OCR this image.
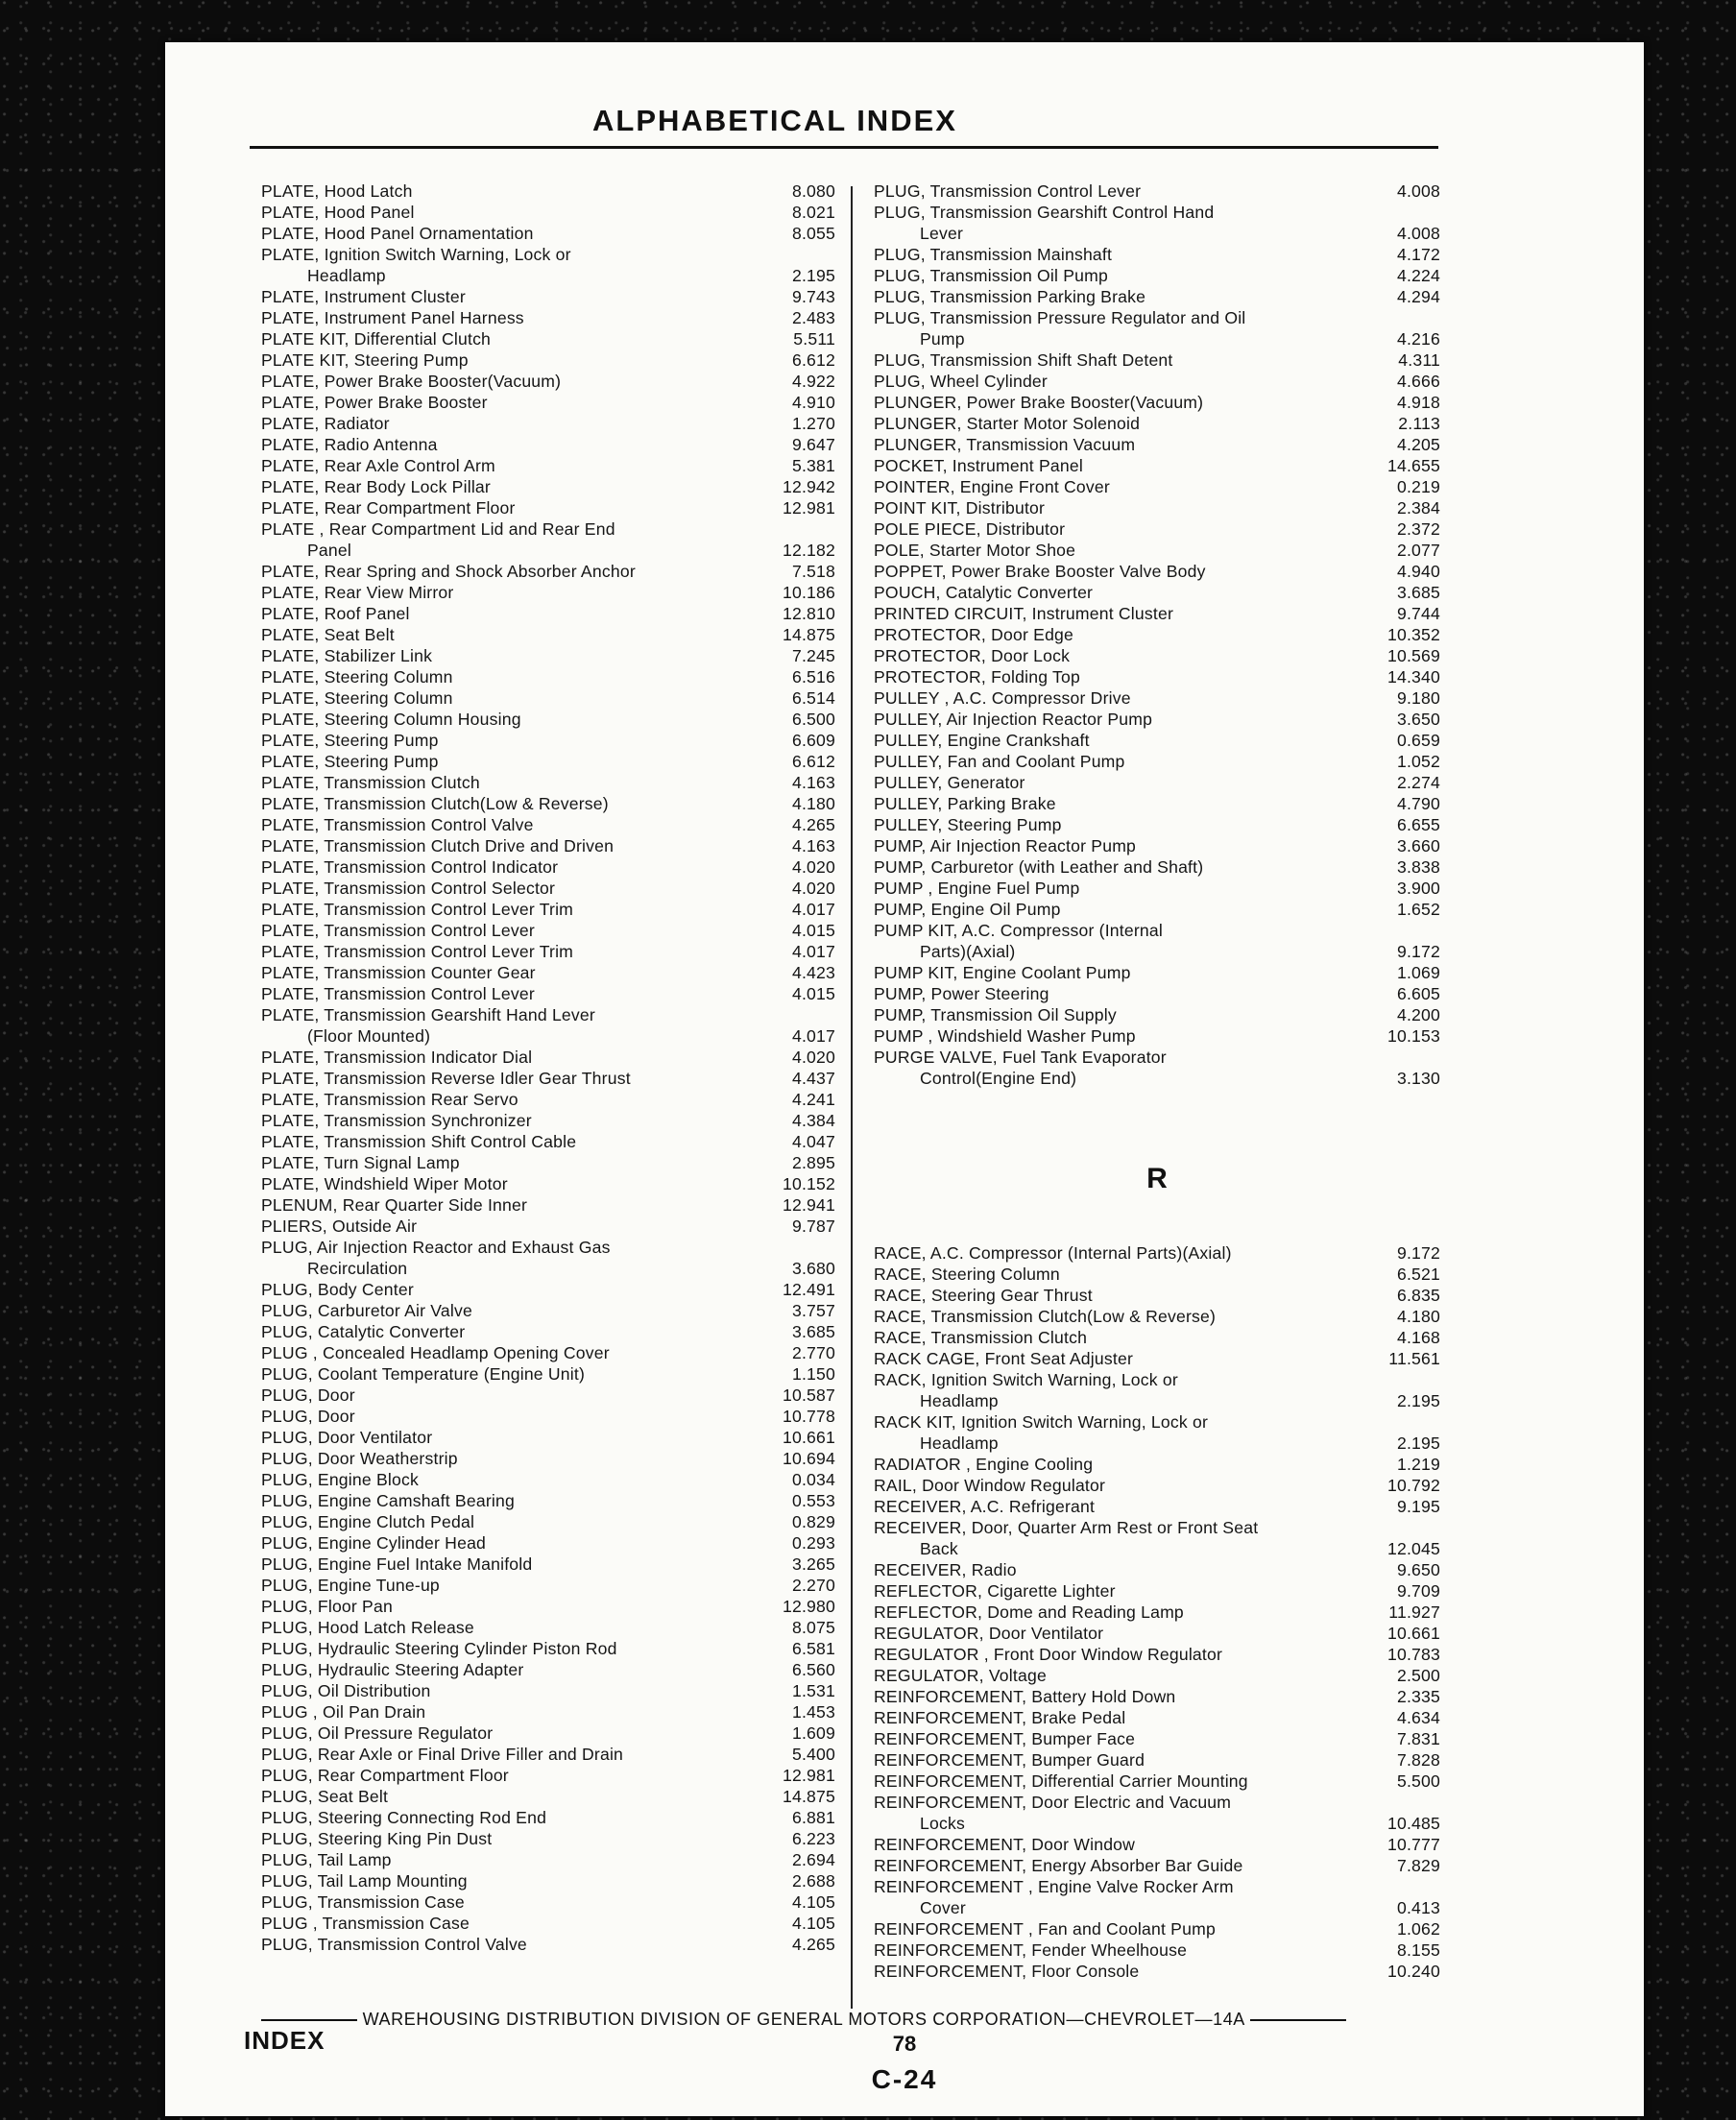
ALPHABETICAL INDEX
PLATE, Hood Latch	8.080
PLATE, Hood Panel	8.021
PLATE, Hood Panel Ornamentation	8.055
PLATE, Ignition Switch Warning, Lock or
Headlamp	2.195
PLATE, Instrument Cluster	9.743
PLATE, Instrument Panel Harness	2.483
PLATE KIT, Differential Clutch	5.511
PLATE KIT, Steering Pump	6.612
PLATE, Power Brake Booster(Vacuum)	4.922
PLATE, Power Brake Booster	4.910
PLATE, Radiator	1.270
PLATE, Radio Antenna	9.647
PLATE, Rear Axle Control Arm	5.381
PLATE, Rear Body Lock Pillar	12.942
PLATE, Rear Compartment Floor	12.981
PLATE , Rear Compartment Lid and Rear End
Panel	12.182
PLATE, Rear Spring and Shock Absorber Anchor	7.518
PLATE, Rear View Mirror	10.186
PLATE, Roof Panel	12.810
PLATE, Seat Belt	14.875
PLATE, Stabilizer Link	7.245
PLATE, Steering Column	6.516
PLATE, Steering Column	6.514
PLATE, Steering Column Housing	6.500
PLATE, Steering Pump	6.609
PLATE, Steering Pump	6.612
PLATE, Transmission Clutch	4.163
PLATE, Transmission Clutch(Low & Reverse)	4.180
PLATE, Transmission Control Valve	4.265
PLATE, Transmission Clutch Drive and Driven	4.163
PLATE, Transmission Control Indicator	4.020
PLATE, Transmission Control Selector	4.020
PLATE, Transmission Control Lever Trim	4.017
PLATE, Transmission Control Lever	4.015
PLATE, Transmission Control Lever Trim	4.017
PLATE, Transmission Counter Gear	4.423
PLATE, Transmission Control Lever	4.015
PLATE, Transmission Gearshift Hand Lever
(Floor Mounted)	4.017
PLATE, Transmission Indicator Dial	4.020
PLATE, Transmission Reverse Idler Gear Thrust	4.437
PLATE, Transmission Rear Servo	4.241
PLATE, Transmission Synchronizer	4.384
PLATE, Transmission Shift Control Cable	4.047
PLATE, Turn Signal Lamp	2.895
PLATE, Windshield Wiper Motor	10.152
PLENUM, Rear Quarter Side Inner	12.941
PLIERS, Outside Air	9.787
PLUG, Air Injection Reactor and Exhaust Gas
Recirculation	3.680
PLUG, Body Center	12.491
PLUG, Carburetor Air Valve	3.757
PLUG, Catalytic Converter	3.685
PLUG , Concealed Headlamp Opening Cover	2.770
PLUG, Coolant Temperature (Engine Unit)	1.150
PLUG, Door	10.587
PLUG, Door	10.778
PLUG, Door Ventilator	10.661
PLUG, Door Weatherstrip	10.694
PLUG, Engine Block	0.034
PLUG, Engine Camshaft Bearing	0.553
PLUG, Engine Clutch Pedal	0.829
PLUG, Engine Cylinder Head	0.293
PLUG, Engine Fuel Intake Manifold	3.265
PLUG, Engine Tune-up	2.270
PLUG, Floor Pan	12.980
PLUG, Hood Latch Release	8.075
PLUG, Hydraulic Steering Cylinder Piston Rod	6.581
PLUG, Hydraulic Steering Adapter	6.560
PLUG, Oil Distribution	1.531
PLUG , Oil Pan Drain	1.453
PLUG, Oil Pressure Regulator	1.609
PLUG, Rear Axle or Final Drive Filler and Drain	5.400
PLUG, Rear Compartment Floor	12.981
PLUG, Seat Belt	14.875
PLUG, Steering Connecting Rod End	6.881
PLUG, Steering King Pin Dust	6.223
PLUG, Tail Lamp	2.694
PLUG, Tail Lamp Mounting	2.688
PLUG, Transmission Case	4.105
PLUG , Transmission Case	4.105
PLUG, Transmission Control Valve	4.265
PLUG, Transmission Control Lever	4.008
PLUG, Transmission Gearshift Control Hand
Lever	4.008
PLUG, Transmission Mainshaft	4.172
PLUG, Transmission Oil Pump	4.224
PLUG, Transmission Parking Brake	4.294
PLUG, Transmission Pressure Regulator and Oil
Pump	4.216
PLUG, Transmission Shift Shaft Detent	4.311
PLUG, Wheel Cylinder	4.666
PLUNGER, Power Brake Booster(Vacuum)	4.918
PLUNGER, Starter Motor Solenoid	2.113
PLUNGER, Transmission Vacuum	4.205
POCKET, Instrument Panel	14.655
POINTER, Engine Front Cover	0.219
POINT KIT, Distributor	2.384
POLE PIECE, Distributor	2.372
POLE, Starter Motor Shoe	2.077
POPPET, Power Brake Booster Valve Body	4.940
POUCH, Catalytic Converter	3.685
PRINTED CIRCUIT, Instrument Cluster	9.744
PROTECTOR, Door Edge	10.352
PROTECTOR, Door Lock	10.569
PROTECTOR, Folding Top	14.340
PULLEY , A.C. Compressor Drive	9.180
PULLEY, Air Injection Reactor Pump	3.650
PULLEY, Engine Crankshaft	0.659
PULLEY, Fan and Coolant Pump	1.052
PULLEY, Generator	2.274
PULLEY, Parking Brake	4.790
PULLEY, Steering Pump	6.655
PUMP, Air Injection Reactor Pump	3.660
PUMP, Carburetor (with Leather and Shaft)	3.838
PUMP , Engine Fuel Pump	3.900
PUMP, Engine Oil Pump	1.652
PUMP KIT, A.C. Compressor (Internal
Parts)(Axial)	9.172
PUMP KIT, Engine Coolant Pump	1.069
PUMP, Power Steering	6.605
PUMP, Transmission Oil Supply	4.200
PUMP , Windshield Washer Pump	10.153
PURGE VALVE, Fuel Tank Evaporator
Control(Engine End)	3.130
R
RACE, A.C. Compressor (Internal Parts)(Axial)	9.172
RACE, Steering Column	6.521
RACE, Steering Gear Thrust	6.835
RACE, Transmission Clutch(Low & Reverse)	4.180
RACE, Transmission Clutch	4.168
RACK CAGE, Front Seat Adjuster	11.561
RACK, Ignition Switch Warning, Lock or
Headlamp	2.195
RACK KIT, Ignition Switch Warning, Lock or
Headlamp	2.195
RADIATOR , Engine Cooling	1.219
RAIL, Door Window Regulator	10.792
RECEIVER, A.C. Refrigerant	9.195
RECEIVER, Door, Quarter Arm Rest or Front Seat
Back	12.045
RECEIVER, Radio	9.650
REFLECTOR, Cigarette Lighter	9.709
REFLECTOR, Dome and Reading Lamp	11.927
REGULATOR, Door Ventilator	10.661
REGULATOR , Front Door Window Regulator	10.783
REGULATOR, Voltage	2.500
REINFORCEMENT, Battery Hold Down	2.335
REINFORCEMENT, Brake Pedal	4.634
REINFORCEMENT, Bumper Face	7.831
REINFORCEMENT, Bumper Guard	7.828
REINFORCEMENT, Differential Carrier Mounting	5.500
REINFORCEMENT, Door Electric and Vacuum
Locks	10.485
REINFORCEMENT, Door Window	10.777
REINFORCEMENT, Energy Absorber Bar Guide	7.829
REINFORCEMENT , Engine Valve Rocker Arm
Cover	0.413
REINFORCEMENT , Fan and Coolant Pump	1.062
REINFORCEMENT, Fender Wheelhouse	8.155
REINFORCEMENT, Floor Console	10.240
WAREHOUSING DISTRIBUTION DIVISION OF GENERAL MOTORS CORPORATION—CHEVROLET—14A
INDEX	78
C-24
